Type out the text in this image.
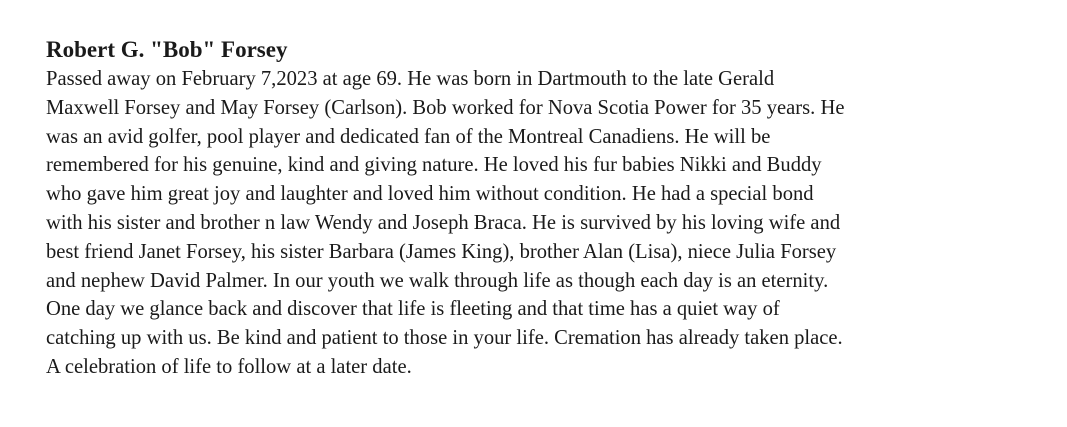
Robert G. "Bob" Forsey

Passed away on February 7,2023 at age 69. He was born in Dartmouth to the late Gerald

Maxwell Forsey and May Forsey (Carlson). Bob worked for Nova Scotia Power for 35 years. He

was an avid golfer, pool player and dedicated fan of the Montreal Canadiens. He will be

remembered for his genuine, kind and giving nature. He loved his fur babies Nikki and Buddy

who gave him great joy and laughter and loved him without condition. He had a special bond

with his sister and brother n law Wendy and Joseph Braca. He is survived by his loving wife and

best friend Janet Forsey, his sister Barbara (James King), brother Alan (Lisa), niece Julia Forsey

and nephew David Palmer. In our youth we walk through life as though each day is an eternity.

One day we glance back and discover that life is fleeting and that time has a quiet way of

catching up with us. Be kind and patient to those in your life. Cremation has already taken place.

A celebration of life to follow at a later date.
